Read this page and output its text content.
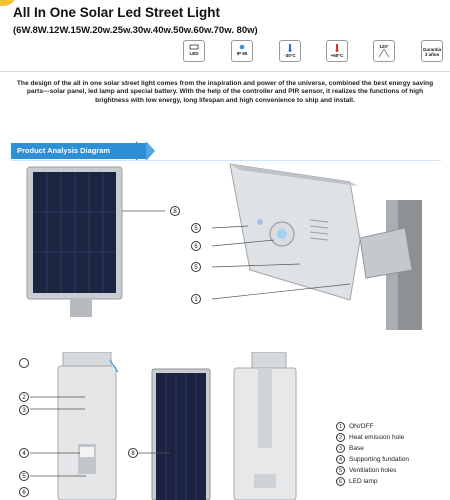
All In One Solar Led Street Light
(6W.8W.12W.15W.20w.25w.30w.40w.50w.60w.70w. 80w)
LED	IP 65	-30°C	+60°C
120°
Garantia 3 años
The design of the all in one solar street light comes from the inspiration and power of the universe, combined the best energy saving parts---solar panel, led lamp and special battery. With the help of the controller and PIR sensor, it realizes the functions of high brightness with low energy, long lifespan and high convenience to ship and install.
Product Analysis Diagram
8
5
6
5
1
2
3
4
5
6
8
1 ON/OFF
2 Heat emission hole
3 Base
4 Supporting fundation
5 Ventilation holes
6 LED lamp
